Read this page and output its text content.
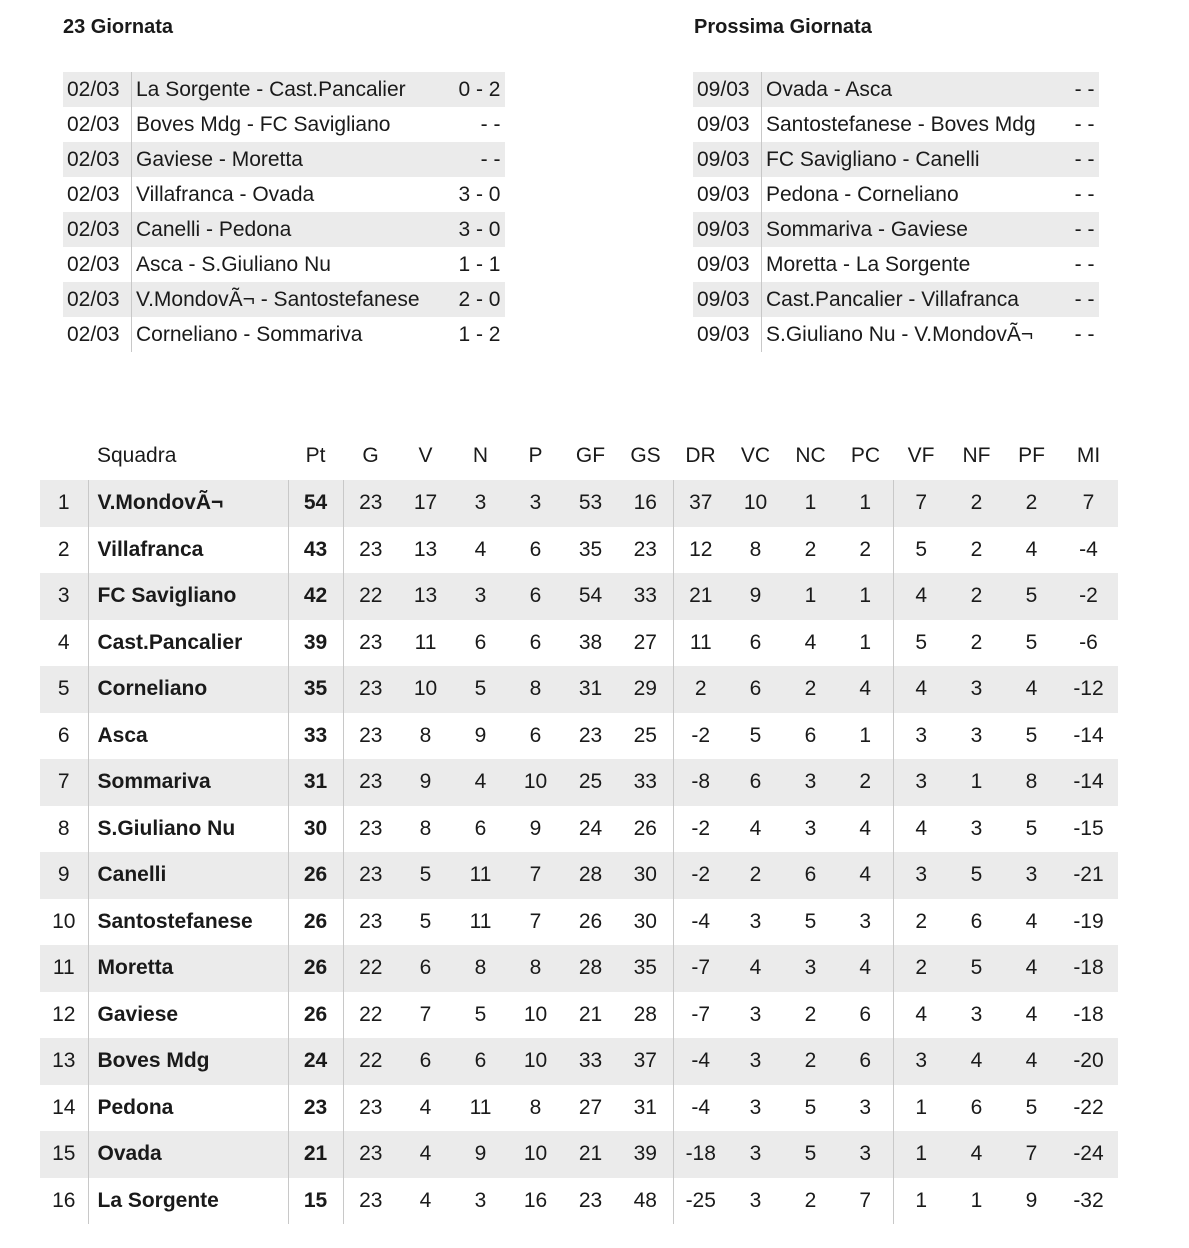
23 Giornata	Prossima Giornata
02/03	La Sorgente - Cast.Pancalier	0 - 2
02/03	Boves Mdg - FC Savigliano	- -
02/03	Gaviese - Moretta	- -
02/03	Villafranca - Ovada	3 - 0
02/03	Canelli - Pedona	3 - 0
02/03	Asca - S.Giuliano Nu	1 - 1
02/03	V.MondovÃ¬ - Santostefanese	2 - 0
02/03	Corneliano - Sommariva	1 - 2
09/03	Ovada - Asca	- -
09/03	Santostefanese - Boves Mdg	- -
09/03	FC Savigliano - Canelli	- -
09/03	Pedona - Corneliano	- -
09/03	Sommariva - Gaviese	- -
09/03	Moretta - La Sorgente	- -
09/03	Cast.Pancalier - Villafranca	- -
09/03	S.Giuliano Nu - V.MondovÃ¬	- -
	Squadra	Pt	G	V	N	P	GF	GS	DR	VC	NC	PC	VF	NF	PF	MI
1	V.MondovÃ¬	54	23	17	3	3	53	16	37	10	1	1	7	2	2	7
2	Villafranca	43	23	13	4	6	35	23	12	8	2	2	5	2	4	-4
3	FC Savigliano	42	22	13	3	6	54	33	21	9	1	1	4	2	5	-2
4	Cast.Pancalier	39	23	11	6	6	38	27	11	6	4	1	5	2	5	-6
5	Corneliano	35	23	10	5	8	31	29	2	6	2	4	4	3	4	-12
6	Asca	33	23	8	9	6	23	25	-2	5	6	1	3	3	5	-14
7	Sommariva	31	23	9	4	10	25	33	-8	6	3	2	3	1	8	-14
8	S.Giuliano Nu	30	23	8	6	9	24	26	-2	4	3	4	4	3	5	-15
9	Canelli	26	23	5	11	7	28	30	-2	2	6	4	3	5	3	-21
10	Santostefanese	26	23	5	11	7	26	30	-4	3	5	3	2	6	4	-19
11	Moretta	26	22	6	8	8	28	35	-7	4	3	4	2	5	4	-18
12	Gaviese	26	22	7	5	10	21	28	-7	3	2	6	4	3	4	-18
13	Boves Mdg	24	22	6	6	10	33	37	-4	3	2	6	3	4	4	-20
14	Pedona	23	23	4	11	8	27	31	-4	3	5	3	1	6	5	-22
15	Ovada	21	23	4	9	10	21	39	-18	3	5	3	1	4	7	-24
16	La Sorgente	15	23	4	3	16	23	48	-25	3	2	7	1	1	9	-32
